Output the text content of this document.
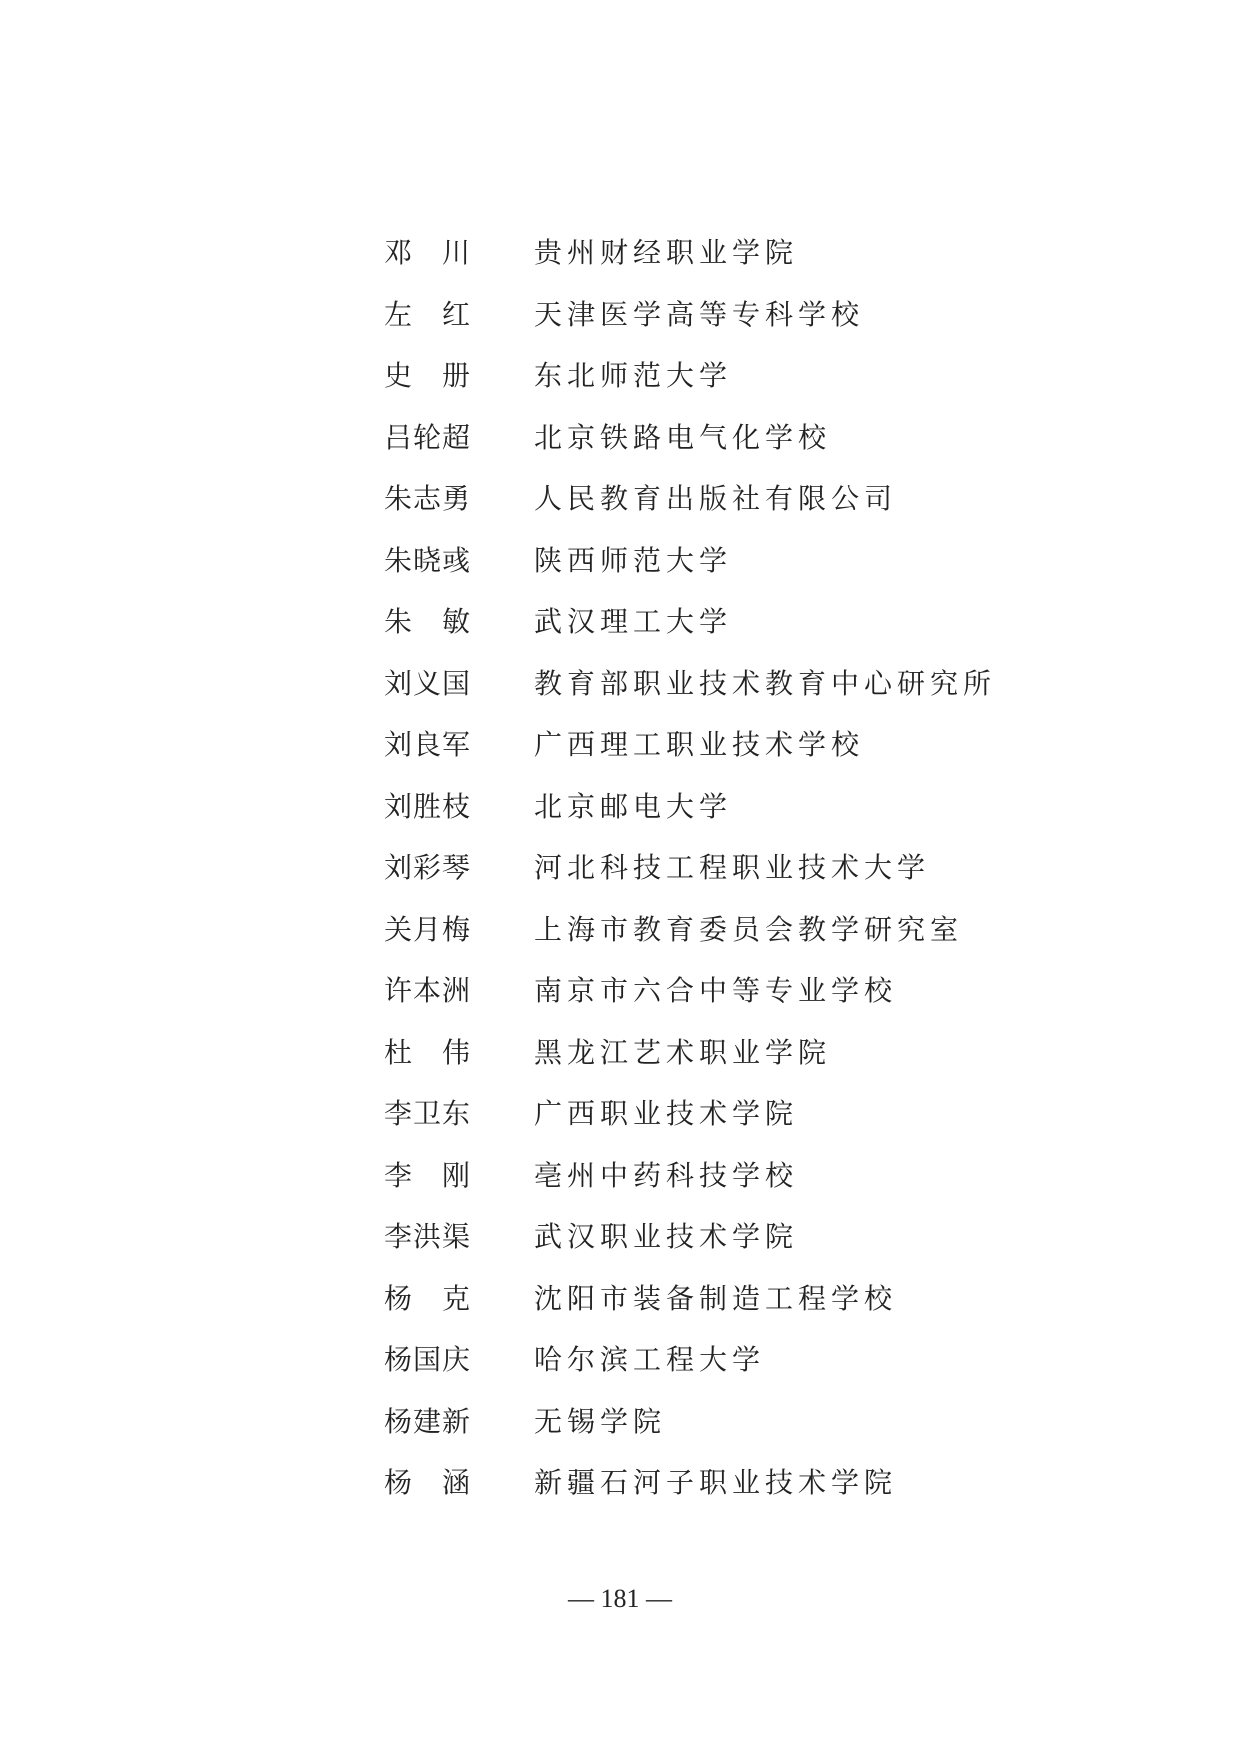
邓　川 贵州财经职业学院
左　红 天津医学高等专科学校
史　册 东北师范大学
吕轮超 北京铁路电气化学校
朱志勇 人民教育出版社有限公司
朱晓彧 陕西师范大学
朱　敏 武汉理工大学
刘义国 教育部职业技术教育中心研究所
刘良军 广西理工职业技术学校
刘胜枝 北京邮电大学
刘彩琴 河北科技工程职业技术大学
关月梅 上海市教育委员会教学研究室
许本洲 南京市六合中等专业学校
杜　伟 黑龙江艺术职业学院
李卫东 广西职业技术学院
李　刚 亳州中药科技学校
李洪渠 武汉职业技术学院
杨　克 沈阳市装备制造工程学校
杨国庆 哈尔滨工程大学
杨建新 无锡学院
杨　涵 新疆石河子职业技术学院
— 181 —
